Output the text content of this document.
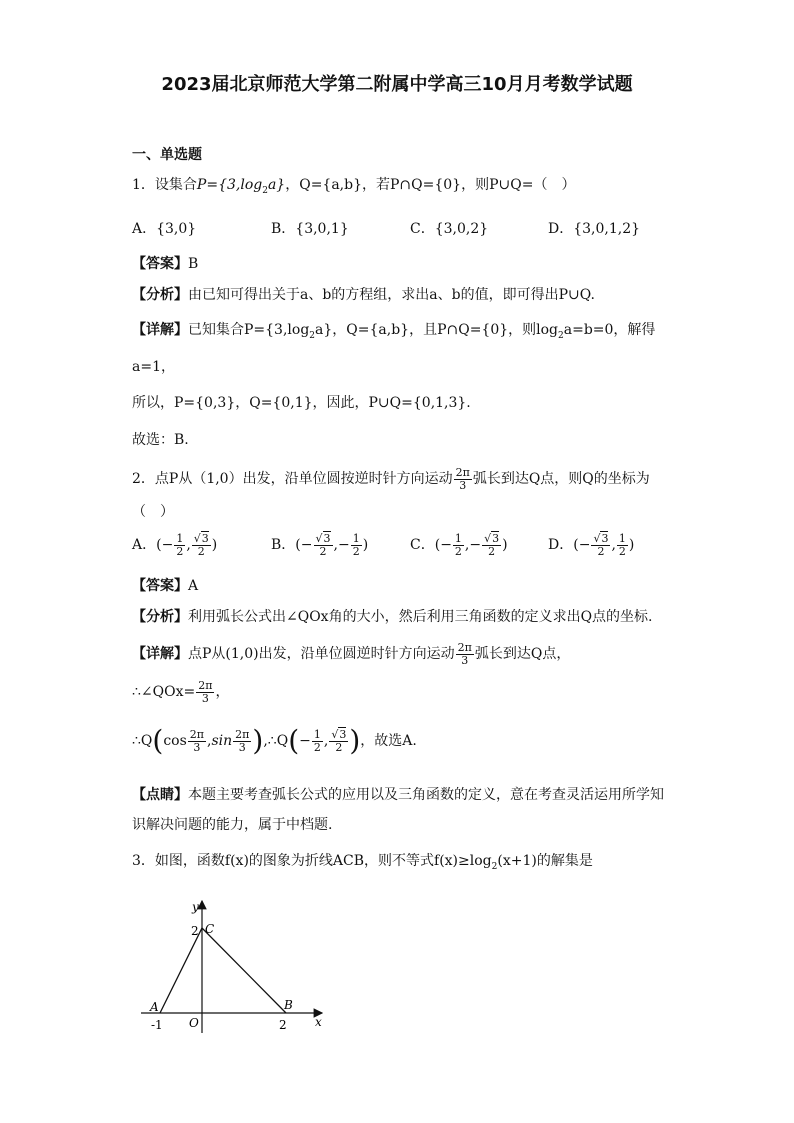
2023届北京师范大学第二附属中学高三10月月考数学试题
一、单选题
1．设集合$P=\{3,\log_2a\}$，Q={a,b}，若P∩Q={0}，则P∪Q=（　）
A．{3,0}	B．{3,0,1}	C．{3,0,2}	D．{3,0,1,2}
【答案】B
【分析】由已知可得出关于a、b的方程组，求出a、b的值，即可得出P∪Q.
【详解】已知集合$P=\{3,\log_2a\}$，Q={a,b}，且P∩Q={0}，则$\log_2a=b=0$，解得
a=1，
所以，P={0,3}，Q={0,1}，因此，P∪Q={0,1,3}.
故选：B.
2．点P从（1,0）出发，沿单位圆按逆时针方向运动 $\frac{2\pi}{3}$ 弧长到达Q点，则Q的坐标为
（　）
A．(− $\frac{1}{2}$ , $\frac{√3}{2}$ )	B．(− $\frac{√3}{2}$ ,− $\frac{1}{2}$ )	C．(− $\frac{1}{2}$ ,− $\frac{√3}{2}$ )	D．(− $\frac{√3}{2}$ , $\frac{1}{2}$ )
【答案】A
【分析】利用弧长公式出∠QOx角的大小，然后利用三角函数的定义求出Q点的坐标.
【详解】点P从(1,0)出发，沿单位圆逆时针方向运动 $\frac{2\pi}{3}$ 弧长到达Q点，
∴∠QOx= $\frac{2\pi}{3}$ ，
∴Q(cos $\frac{2\pi}{3} ,\sin \frac{2\pi}{3}$ ),∴Q(− $\frac{1}{2}$ , $\frac{√3}{2}$ )，故选A.
【点睛】本题主要考查弧长公式的应用以及三角函数的定义，意在考查灵活运用所学知
识解决问题的能力，属于中档题.
3．如图，函数f(x)的图象为折线ACB，则不等式$f(x)\ge\log_2(x+1)$的解集是
y
x
O
A	B
C
-1	2
2
